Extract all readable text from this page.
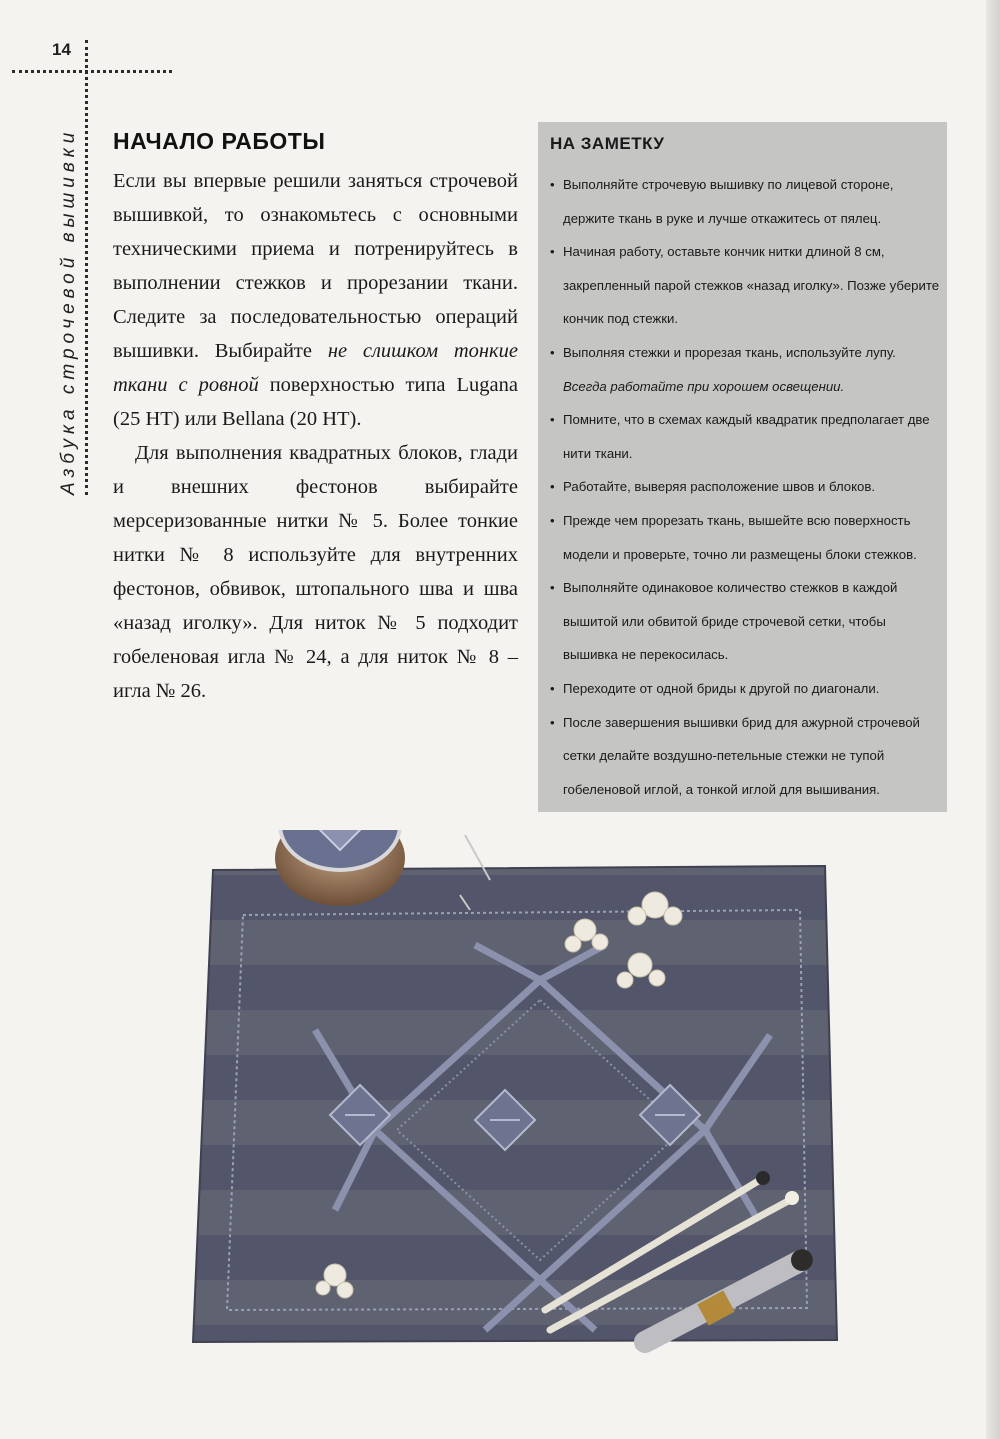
14
Азбука строчевой вышивки НАЧАЛО РАБОТЫ

Если вы впервые решили заняться строчевой вышивкой, то ознакомьтесь с основными техническими приема и потренируйтесь в выполнении стежков и прорезании ткани. Следите за последовательностью операций вышивки. Выбирайте не слишком тонкие ткани с ровной поверхностью типа Lugana (25 НТ) или Bellana (20 НТ).

Для выполнения квадратных блоков, глади и внешних фестонов выбирайте мерсеризованные нитки № 5. Более тонкие нитки № 8 используйте для внутренних фестонов, обвивок, штопального шва и шва «назад иголку». Для ниток № 5 подходит гобеленовая игла № 24, а для ниток № 8 – игла № 26.

НА ЗАМЕТКУ
• Выполняйте строчевую вышивку по лицевой стороне, держите ткань в руке и лучше откажитесь от пялец.
• Начиная работу, оставьте кончик нитки длиной 8 см, закрепленный парой стежков «назад иголку». Позже уберите кончик под стежки.
• Выполняя стежки и прорезая ткань, используйте лупу. Всегда работайте при хорошем освещении.
• Помните, что в схемах каждый квадратик предполагает две нити ткани.
• Работайте, выверяя расположение швов и блоков.
• Прежде чем прорезать ткань, вышейте всю поверхность модели и проверьте, точно ли размещены блоки стежков.
• Выполняйте одинаковое количество стежков в каждой вышитой или обвитой бриде строчевой сетки, чтобы вышивка не перекосилась.
• Переходите от одной бриды к другой по диагонали.
• После завершения вышивки брид для ажурной строчевой сетки делайте воздушно-петельные стежки не тупой гобеленовой иглой, а тонкой иглой для вышивания.
